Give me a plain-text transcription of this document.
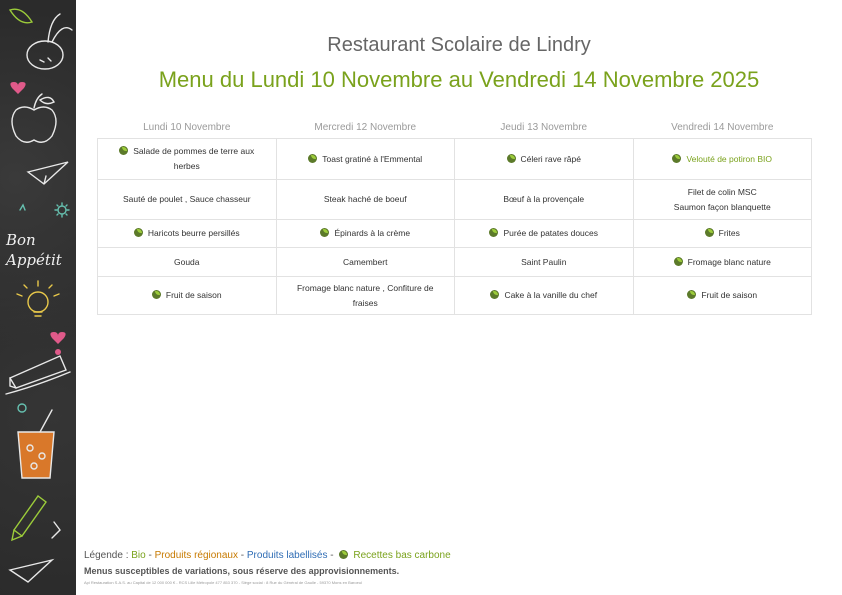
Bon Appétit
Restaurant Scolaire de Lindry
Menu du Lundi 10 Novembre au Vendredi 14 Novembre 2025
Lundi 10 Novembre	Mercredi 12 Novembre	Jeudi 13 Novembre	Vendredi 14 Novembre
Salade de pommes de terre aux herbes	Toast gratiné à l'Emmental	Céleri rave râpé	Velouté de potiron BIO
Sauté de poulet , Sauce chasseur	Steak haché de boeuf	Bœuf à la provençale	Filet de colin MSC
Saumon façon blanquette
Haricots beurre persillés	Épinards à la crème	Purée de patates douces	Frites
Gouda	Camembert	Saint Paulin	Fromage blanc nature
Fruit de saison	Fromage blanc nature , Confiture de fraises	Cake à la vanille du chef	Fruit de saison
Légende : Bio - Produits régionaux - Produits labellisés - Recettes bas carbone
Menus susceptibles de variations, sous réserve des approvisionnements.
Api Restauration S.A.S. au Capital de 12 000 000 € - RCS Lille Métropole 477 853 370 - Siège social : 8 Rue du Général de Gaulle - 59370 Mons en Baroeul
